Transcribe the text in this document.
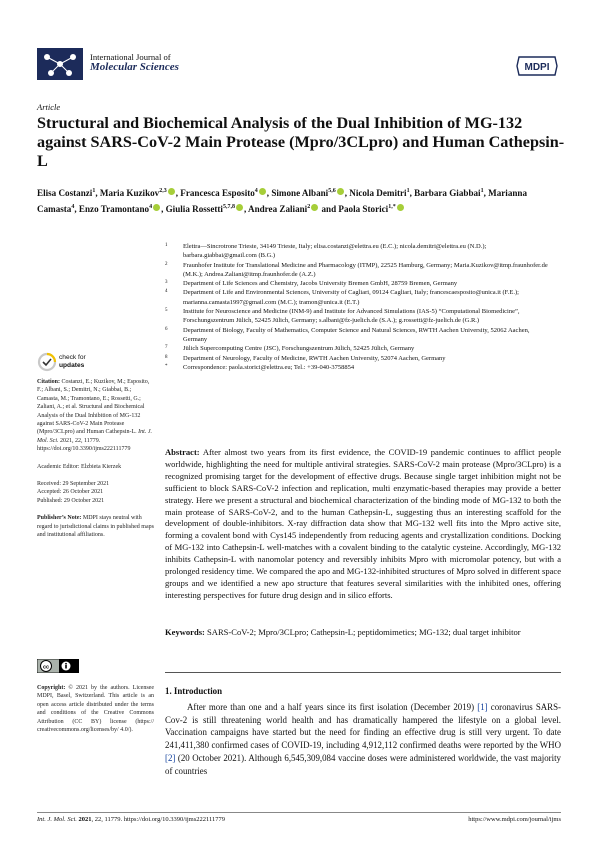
International Journal of
Molecular Sciences	MDPI
Article
Structural and Biochemical Analysis of the Dual Inhibition of MG-132 against SARS-CoV-2 Main Protease (Mpro/3CLpro) and Human Cathepsin-L
Elisa Costanzi$^1$, Maria Kuzikov$^{2,3}$ , Francesca Esposito$^4$ , Simone Albani$^{5,6}$ , Nicola Demitri$^1$, Barbara Giabbai$^1$, Marianna Camasta$^4$, Enzo Tramontano$^4$ , Giulia Rossetti$^{5,7,8}$ , Andrea Zaliani$^2$ and Paola Storici$^{1,*}$
1 Elettra—Sincrotrone Trieste, 34149 Trieste, Italy; elisa.costanzi@elettra.eu (E.C.); nicola.demitri@elettra.eu (N.D.); barbara.giabbai@gmail.com (B.G.)
2 Fraunhofer Institute for Translational Medicine and Pharmacology (ITMP), 22525 Hamburg, Germany; Maria.Kuzikov@itmp.fraunhofer.de (M.K.); Andrea.Zaliani@itmp.fraunhofer.de (A.Z.)
3 Department of Life Sciences and Chemistry, Jacobs University Bremen GmbH, 28759 Bremen, Germany
4 Department of Life and Environmental Sciences, University of Cagliari, 09124 Cagliari, Italy; francescaesposito@unica.it (F.E.); marianna.camasta1997@gmail.com (M.C.); tramon@unica.it (E.T.)
5 Institute for Neuroscience and Medicine (INM-9) and Institute for Advanced Simulations (IAS-5) “Computational Biomedicine”, Forschungszentrum Jülich, 52425 Jülich, Germany; s.albani@fz-juelich.de (S.A.); g.rossetti@fz-juelich.de (G.R.)
6 Department of Biology, Faculty of Mathematics, Computer Science and Natural Sciences, RWTH Aachen University, 52062 Aachen, Germany
7 Jülich Supercomputing Centre (JSC), Forschungszentrum Jülich, 52425 Jülich, Germany
8 Department of Neurology, Faculty of Medicine, RWTH Aachen University, 52074 Aachen, Germany
* Correspondence: paola.storici@elettra.eu; Tel.: +39-040-3758854
check for
updates

Citation: Costanzi, E.; Kuzikov, M.; Esposito, F.; Albani, S.; Demitri, N.; Giabbai, B.; Camasta, M.; Tramontano, E.; Rossetti, G.; Zaliani, A.; et al. Structural and Biochemical Analysis of the Dual Inhibition of MG-132 against SARS-CoV-2 Main Protease (Mpro/3CLpro) and Human Cathepsin-L. Int. J. Mol. Sci. 2021, 22, 11779. https://doi.org/10.3390/ijms222111779

Academic Editor: Elzbieta Kierzek

Received: 29 September 2021

Accepted: 26 October 2021

Published: 29 October 2021

Publisher’s Note: MDPI stays neutral with regard to jurisdictional claims in published maps and institutional affiliations.

cc
Copyright: © 2021 by the authors. Licensee MDPI, Basel, Switzerland. This article is an open access article distributed under the terms and conditions of the Creative Commons Attribution (CC BY) license (https:// creativecommons.org/licenses/by/ 4.0/).
Abstract: After almost two years from its first evidence, the COVID-19 pandemic continues to afflict people worldwide, highlighting the need for multiple antiviral strategies. SARS-CoV-2 main protease (Mpro/3CLpro) is a recognized promising target for the development of effective drugs. Because single target inhibition might not be sufficient to block SARS-CoV-2 infection and replication, multi enzymatic-based therapies may provide a better strategy. Here we present a structural and biochemical characterization of the binding mode of MG-132 to both the main protease of SARS-CoV-2, and to the human Cathepsin-L, suggesting thus an interesting scaffold for the development of double-inhibitors. X-ray diffraction data show that MG-132 well fits into the Mpro active site, forming a covalent bond with Cys145 independently from reducing agents and crystallization conditions. Docking of MG-132 into Cathepsin-L well-matches with a covalent binding to the catalytic cysteine. Accordingly, MG-132 inhibits Cathepsin-L with nanomolar potency and reversibly inhibits Mpro with micromolar potency, but with a prolonged residency time. We compared the apo and MG-132-inhibited structures of Mpro solved in different space groups and we identified a new apo structure that features several similarities with the inhibited ones, offering interesting perspectives for future drug design and in silico efforts.
Keywords: SARS-CoV-2; Mpro/3CLpro; Cathepsin-L; peptidomimetics; MG-132; dual target inhibitor
1. Introduction
After more than one and a half years since its first isolation (December 2019) [1] coronavirus SARS-Cov-2 is still threatening world health and has dramatically hampered the lifestyle on a global level. Vaccination campaigns have started but the need for finding an effective drug is still very urgent. To date 241,411,380 confirmed cases of COVID-19, including 4,912,112 confirmed deaths were reported by the WHO [2] (20 October 2021). Although 6,545,309,084 vaccine doses were administered worldwide, the vast majority of countries
Int. J. Mol. Sci. 2021, 22, 11779. https://doi.org/10.3390/ijms222111779	https://www.mdpi.com/journal/ijms
